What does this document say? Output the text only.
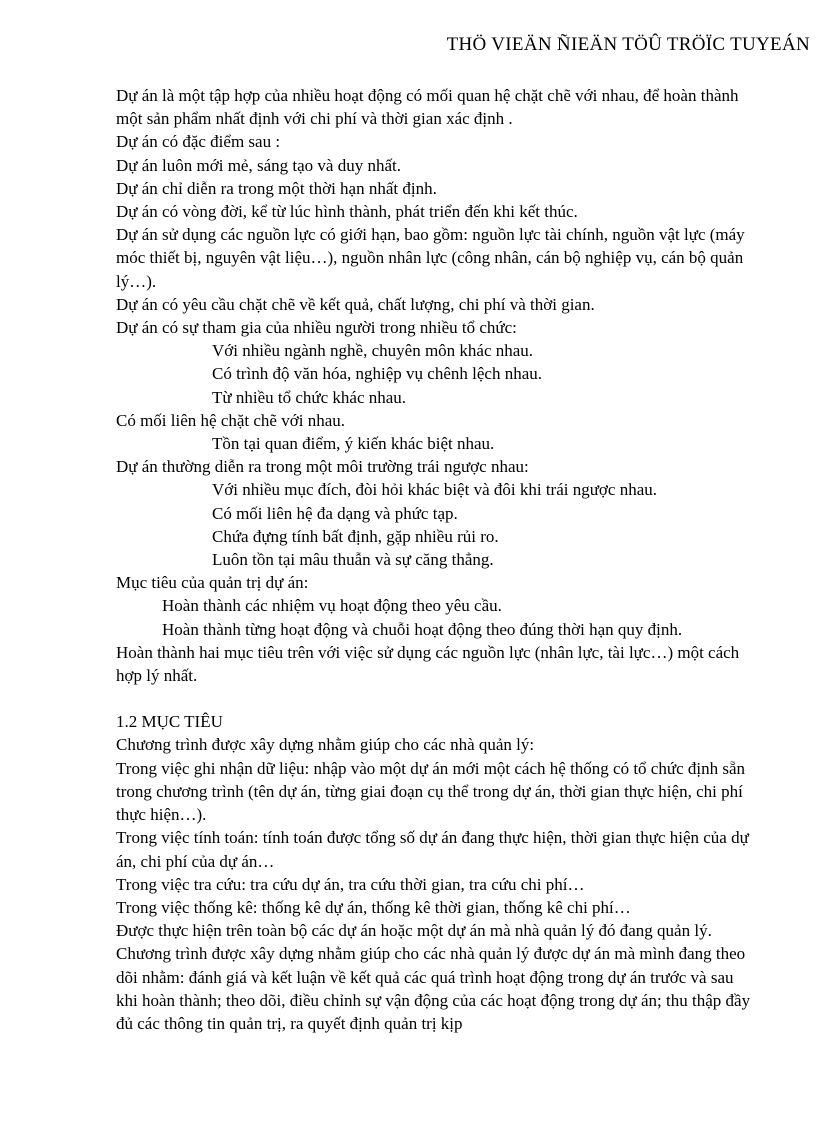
THÖ VIEÄN ÑIEÄN TÖÛ TRÖÏC TUYEÁN

Dự án là một tập hợp của nhiều hoạt động có mối quan hệ chặt chẽ với nhau, để hoàn thành một sản phẩm nhất định với chi phí và thời gian xác định .

Dự án có đặc điểm sau :

Dự án luôn mới mẻ, sáng tạo và duy nhất.

Dự án chỉ diễn ra trong một thời hạn nhất định.

Dự án có vòng đời, kể từ lúc hình thành, phát triển đến khi kết thúc.

Dự án sử dụng các nguồn lực có giới hạn, bao gồm: nguồn lực tài chính, nguồn vật lực (máy móc thiết bị, nguyên vật liệu…), nguồn nhân lực (công nhân, cán bộ nghiệp vụ, cán bộ quản lý…).

Dự án có yêu cầu chặt chẽ về kết quả, chất lượng, chi phí và thời gian.

Dự án có sự tham gia của nhiều người trong nhiều tổ chức:

Với nhiều ngành nghề, chuyên môn khác nhau.

Có trình độ văn hóa, nghiệp vụ chênh lệch nhau.

Từ nhiều tổ chức khác nhau.

Có mối liên hệ chặt chẽ với nhau.

Tồn tại quan điểm, ý kiến khác biệt nhau.

Dự án thường diễn ra trong một môi trường trái ngược nhau:

Với nhiều mục đích, đòi hỏi khác biệt và đôi khi trái ngược nhau.

Có mối liên hệ đa dạng và phức tạp.

Chứa đựng tính bất định, gặp nhiều rủi ro.

Luôn tồn tại mâu thuẫn và sự căng thẳng.

Mục tiêu của quản trị dự án:

Hoàn thành các nhiệm vụ hoạt động theo yêu cầu.

Hoàn thành từng hoạt động và chuỗi hoạt động theo đúng thời hạn quy định.

Hoàn thành hai mục tiêu trên với việc sử dụng các nguồn lực (nhân lực, tài lực…) một cách hợp lý nhất.

1.2 MỤC TIÊU

Chương trình được xây dựng nhằm giúp cho các nhà quản lý:

Trong việc ghi nhận dữ liệu: nhập vào một dự án mới một cách hệ thống có tổ chức định sẵn trong chương trình (tên dự án, từng giai đoạn cụ thể trong dự án, thời gian thực hiện, chi phí thực hiện…).

Trong việc tính toán: tính toán được tổng số dự án đang thực hiện, thời gian thực hiện của dự án, chi phí của dự án…

Trong việc tra cứu: tra cứu dự án, tra cứu thời gian, tra cứu chi phí…

Trong việc thống kê: thống kê dự án, thống kê thời gian, thống kê chi phí…

Được thực hiện trên toàn bộ các dự án hoặc một dự án mà nhà quản lý đó đang quản lý.

Chương trình được xây dựng nhằm giúp cho các nhà quản lý được dự án mà mình đang theo dõi nhằm: đánh giá và kết luận về kết quả các quá trình hoạt động trong dự án trước và sau khi hoàn thành; theo dõi, điều chỉnh sự vận động của các hoạt động trong dự án; thu thập đầy đủ các thông tin quản trị, ra quyết định quản trị kịp
